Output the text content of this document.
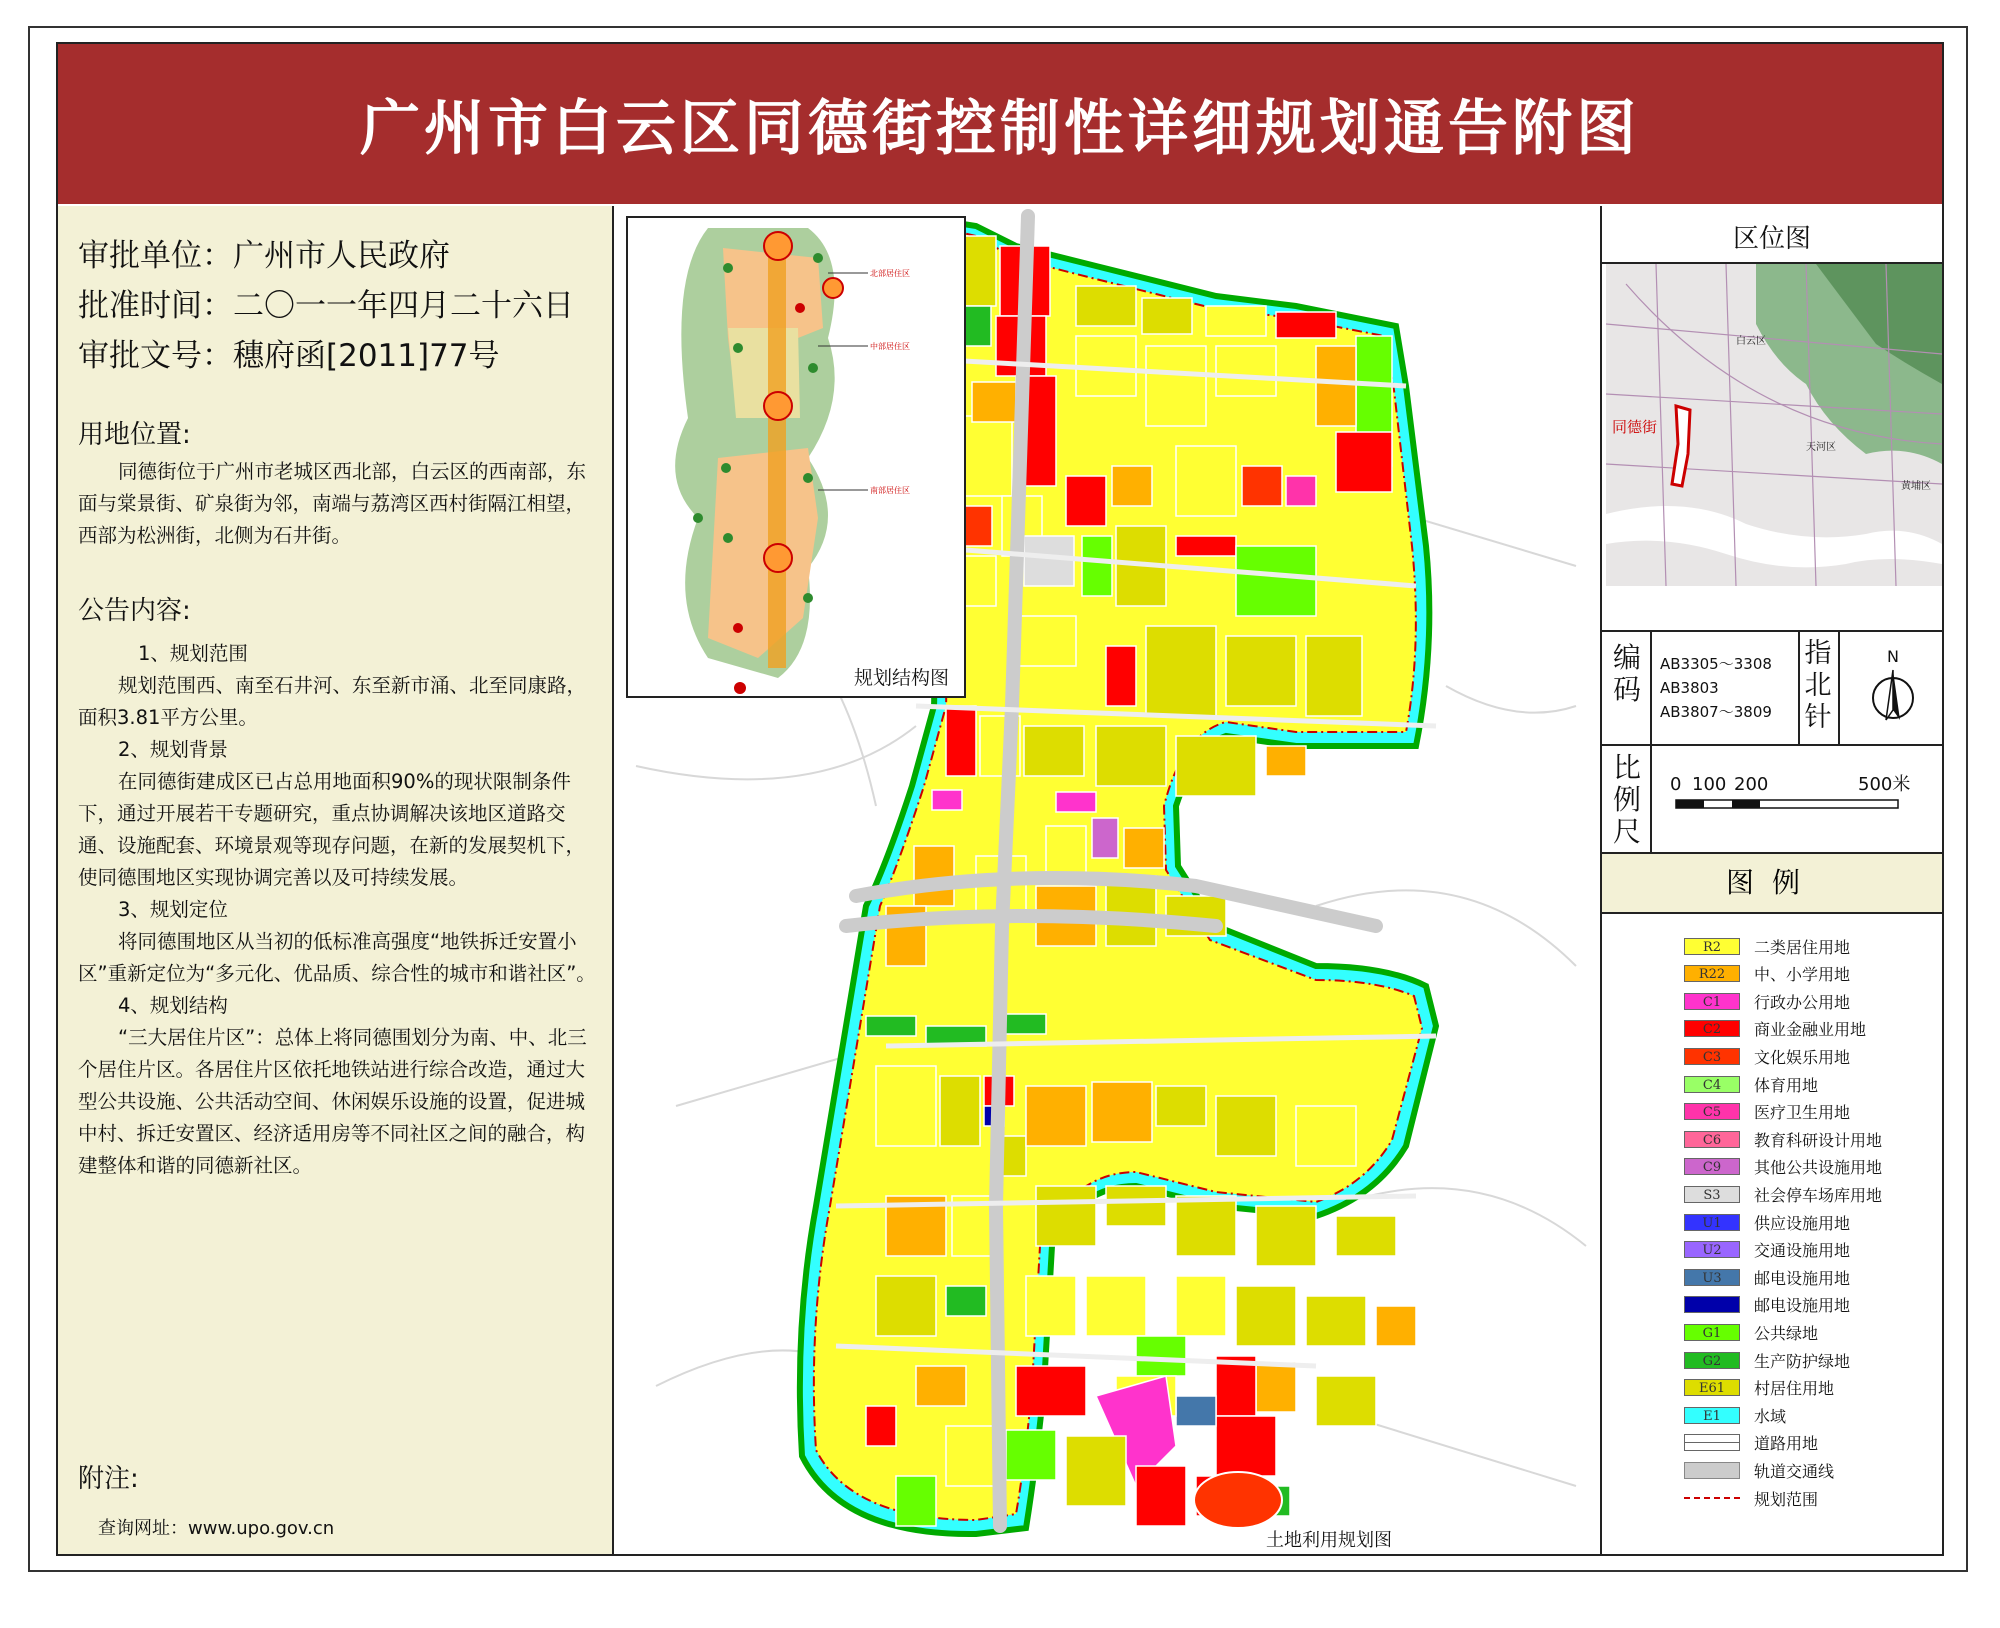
广州市白云区同德街控制性详细规划通告附图
审批单位：广州市人民政府
批准时间：二〇一一年四月二十六日
审批文号：穗府函[2011]77号
用地位置:

同德街位于广州市老城区西北部，白云区的西南部，东面与棠景街、矿泉街为邻，南端与荔湾区西村街隔江相望，西部为松洲街，北侧为石井街。

公告内容:

1、规划范围

规划范围西、南至石井河、东至新市涌、北至同康路，面积3.81平方公里。

2、规划背景

在同德街建成区已占总用地面积90%的现状限制条件下，通过开展若干专题研究，重点协调解决该地区道路交通、设施配套、环境景观等现存问题，在新的发展契机下，使同德围地区实现协调完善以及可持续发展。

3、规划定位

将同德围地区从当初的低标准高强度“地铁拆迁安置小区”重新定位为“多元化、优品质、综合性的城市和谐社区”。

4、规划结构

“三大居住片区”：总体上将同德围划分为南、中、北三个居住片区。各居住片区依托地铁站进行综合改造，通过大型公共设施、公共活动空间、休闲娱乐设施的设置，促进城中村、拆迁安置区、经济适用房等不同社区之间的融合，构建整体和谐的同德新社区。

附注:
查询网址：www.upo.gov.cn
土地利用规划图
北部居住区
中部居住区
南部居住区
规划结构图
区位图
同德街
白云区
天河区
黄埔区
编码
AB3305～3308
AB3803
AB3807～3809
指北针
N
比例尺
0 100 200	500米
图例
R2	二类居住用地
R22	中、小学用地
C1	行政办公用地
C2	商业金融业用地
C3	文化娱乐用地
C4	体育用地
C5	医疗卫生用地
C6	教育科研设计用地
C9	其他公共设施用地
S3	社会停车场库用地
U1	供应设施用地
U2	交通设施用地
U3	邮电设施用地
邮电设施用地
G1	公共绿地
G2	生产防护绿地
E61	村居住用地
E1	水域
道路用地
轨道交通线
规划范围
